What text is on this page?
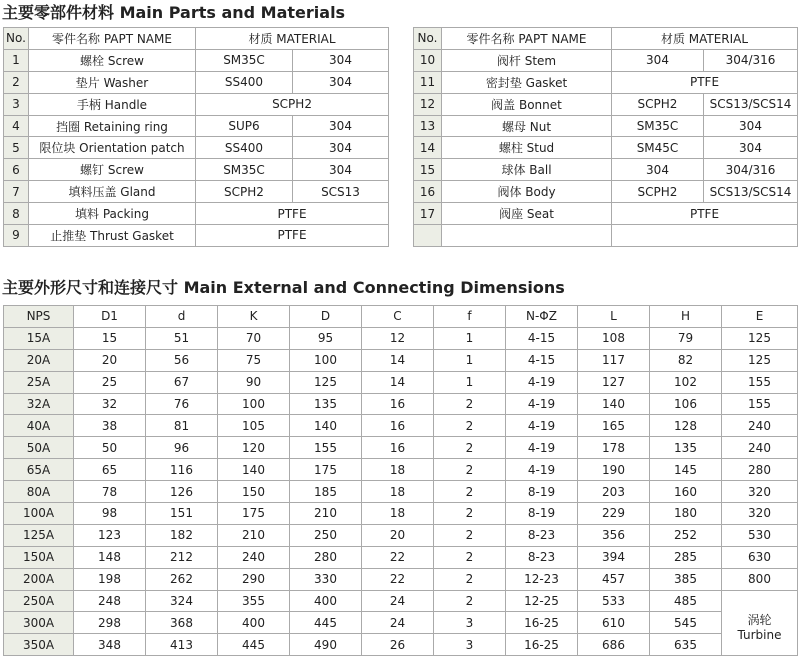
主要零部件材料 Main Parts and Materials
No.	零件名称 PAPT NAME	材质 MATERIAL	
1	螺栓 Screw	SM35C	304
2	垫片 Washer	SS400	304
3	手柄 Handle	SCPH2	
4	挡圈 Retaining ring	SUP6	304
5	限位块 Orientation patch	SS400	304
6	螺钉 Screw	SM35C	304
7	填料压盖 Gland	SCPH2	SCS13
8	填料 Packing	PTFE	
9	止推垫 Thrust Gasket	PTFE	
No.	零件名称 PAPT NAME	材质 MATERIAL	
10	阀杆 Stem	304	304/316
11	密封垫 Gasket	PTFE	
12	阀盖 Bonnet	SCPH2	SCS13/SCS14
13	螺母 Nut	SM35C	304
14	螺柱 Stud	SM45C	304
15	球体 Ball	304	304/316
16	阀体 Body	SCPH2	SCS13/SCS14
17	阀座 Seat	PTFE	

主要外形尺寸和连接尺寸 Main External and Connecting Dimensions
NPS	D1	d	K	D	C	f	N-ΦZ	L	H	E
15A	15	51	70	95	12	1	4-15	108	79	125
20A	20	56	75	100	14	1	4-15	117	82	125
25A	25	67	90	125	14	1	4-19	127	102	155
32A	32	76	100	135	16	2	4-19	140	106	155
40A	38	81	105	140	16	2	4-19	165	128	240
50A	50	96	120	155	16	2	4-19	178	135	240
65A	65	116	140	175	18	2	4-19	190	145	280
80A	78	126	150	185	18	2	8-19	203	160	320
100A	98	151	175	210	18	2	8-19	229	180	320
125A	123	182	210	250	20	2	8-23	356	252	530
150A	148	212	240	280	22	2	8-23	394	285	630
200A	198	262	290	330	22	2	12-23	457	385	800
250A	248	324	355	400	24	2	12-25	533	485	涡轮
Turbine

300A	298	368	400	445	24	3	16-25	610	545	
350A	348	413	445	490	26	3	16-25	686	635	
